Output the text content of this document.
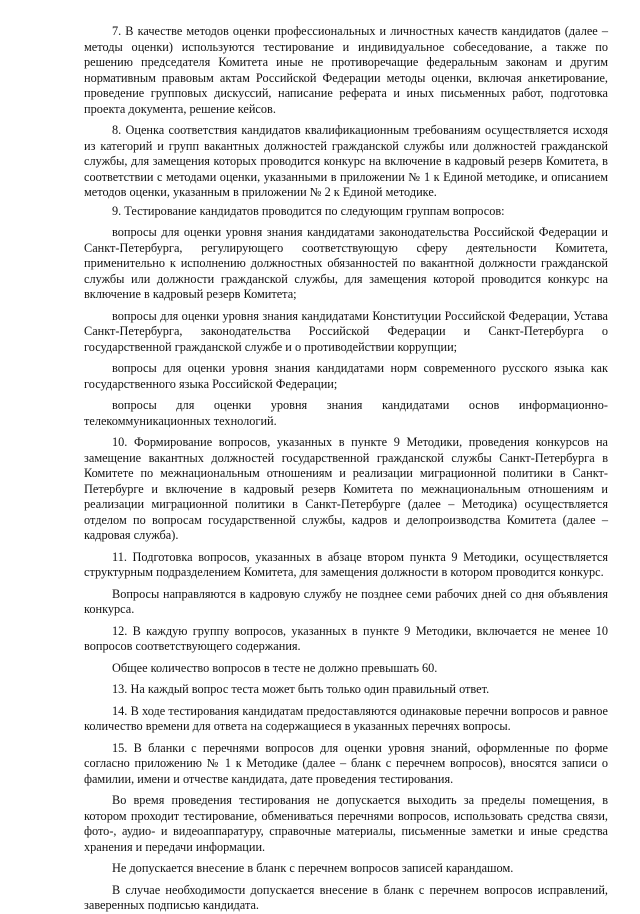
7. В качестве методов оценки профессиональных и личностных качеств кандидатов (далее – методы оценки) используются тестирование и индивидуальное собеседование, а также по решению председателя Комитета иные не противоречащие федеральным законам и другим нормативным правовым актам Российской Федерации методы оценки, включая анкетирование, проведение групповых дискуссий, написание реферата и иных письменных работ, подготовка проекта документа, решение кейсов.

8. Оценка соответствия кандидатов квалификационным требованиям осуществляется исходя из категорий и групп вакантных должностей гражданской службы или должностей гражданской службы, для замещения которых проводится конкурс на включение в кадровый резерв Комитета, в соответствии с методами оценки, указанными в приложении № 1 к Единой методике, и описанием методов оценки, указанным в приложении № 2 к Единой методике.

9. Тестирование кандидатов проводится по следующим группам вопросов:

вопросы для оценки уровня знания кандидатами законодательства Российской Федерации и Санкт-Петербурга, регулирующего соответствующую сферу деятельности Комитета, применительно к исполнению должностных обязанностей по вакантной должности гражданской службы или должности гражданской службы, для замещения которой проводится конкурс на включение в кадровый резерв Комитета;

вопросы для оценки уровня знания кандидатами Конституции Российской Федерации, Устава Санкт-Петербурга, законодательства Российской Федерации и Санкт-Петербурга о государственной гражданской службе и о противодействии коррупции;

вопросы для оценки уровня знания кандидатами норм современного русского языка как государственного языка Российской Федерации;

вопросы для оценки уровня знания кандидатами основ информационно-телекоммуникационных технологий.

10. Формирование вопросов, указанных в пункте 9 Методики, проведения конкурсов на замещение вакантных должностей государственной гражданской службы Санкт-Петербурга в Комитете по межнациональным отношениям и реализации миграционной политики в Санкт-Петербурге и включение в кадровый резерв Комитета по межнациональным отношениям и реализации миграционной политики в Санкт-Петербурге (далее – Методика) осуществляется отделом по вопросам государственной службы, кадров и делопроизводства Комитета (далее – кадровая служба).

11. Подготовка вопросов, указанных в абзаце втором пункта 9 Методики, осуществляется структурным подразделением Комитета, для замещения должности в котором проводится конкурс.

Вопросы направляются в кадровую службу не позднее семи рабочих дней со дня объявления конкурса.

12. В каждую группу вопросов, указанных в пункте 9 Методики, включается не менее 10 вопросов соответствующего содержания.

Общее количество вопросов в тесте не должно превышать 60.

13. На каждый вопрос теста может быть только один правильный ответ.

14. В ходе тестирования кандидатам предоставляются одинаковые перечни вопросов и равное количество времени для ответа на содержащиеся в указанных перечнях вопросы.

15. В бланки с перечнями вопросов для оценки уровня знаний, оформленные по форме согласно приложению № 1 к Методике (далее – бланк с перечнем вопросов), вносятся записи о фамилии, имени и отчестве кандидата, дате проведения тестирования.

Во время проведения тестирования не допускается выходить за пределы помещения, в котором проходит тестирование, обмениваться перечнями вопросов, использовать средства связи, фото-, аудио- и видеоаппаратуру, справочные материалы, письменные заметки и иные средства хранения и передачи информации.

Не допускается внесение в бланк с перечнем вопросов записей карандашом.

В случае необходимости допускается внесение в бланк с перечнем вопросов исправлений, заверенных подписью кандидата.
